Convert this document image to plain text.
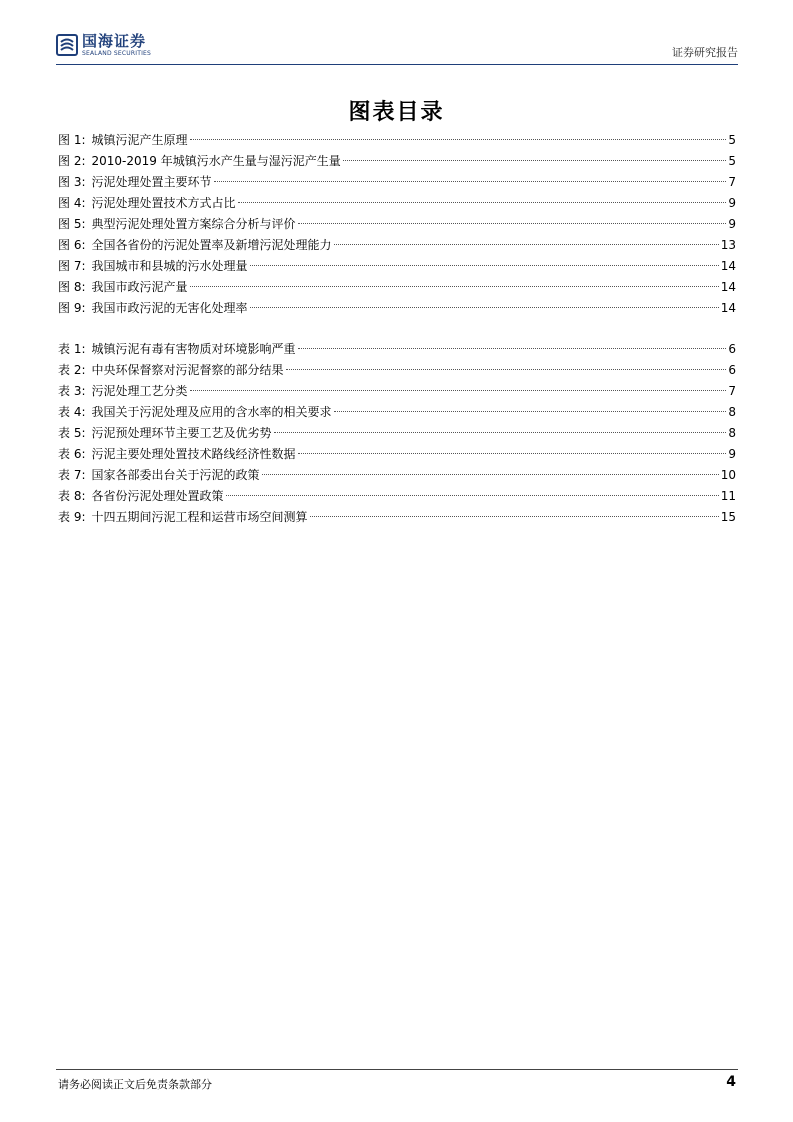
国海证券
SEALAND SECURITIES	证券研究报告
图表目录
图 1: 城镇污泥产生原理	5
图 2: 2010-2019 年城镇污水产生量与湿污泥产生量	5
图 3: 污泥处理处置主要环节	7
图 4: 污泥处理处置技术方式占比	9
图 5: 典型污泥处理处置方案综合分析与评价	9
图 6: 全国各省份的污泥处置率及新增污泥处理能力	13
图 7: 我国城市和县城的污水处理量	14
图 8: 我国市政污泥产量	14
图 9: 我国市政污泥的无害化处理率	14
表 1: 城镇污泥有毒有害物质对环境影响严重	6
表 2: 中央环保督察对污泥督察的部分结果	6
表 3: 污泥处理工艺分类	7
表 4: 我国关于污泥处理及应用的含水率的相关要求	8
表 5: 污泥预处理环节主要工艺及优劣势	8
表 6: 污泥主要处理处置技术路线经济性数据	9
表 7: 国家各部委出台关于污泥的政策	10
表 8: 各省份污泥处理处置政策	11
表 9: 十四五期间污泥工程和运营市场空间测算	15
请务必阅读正文后免责条款部分	4
